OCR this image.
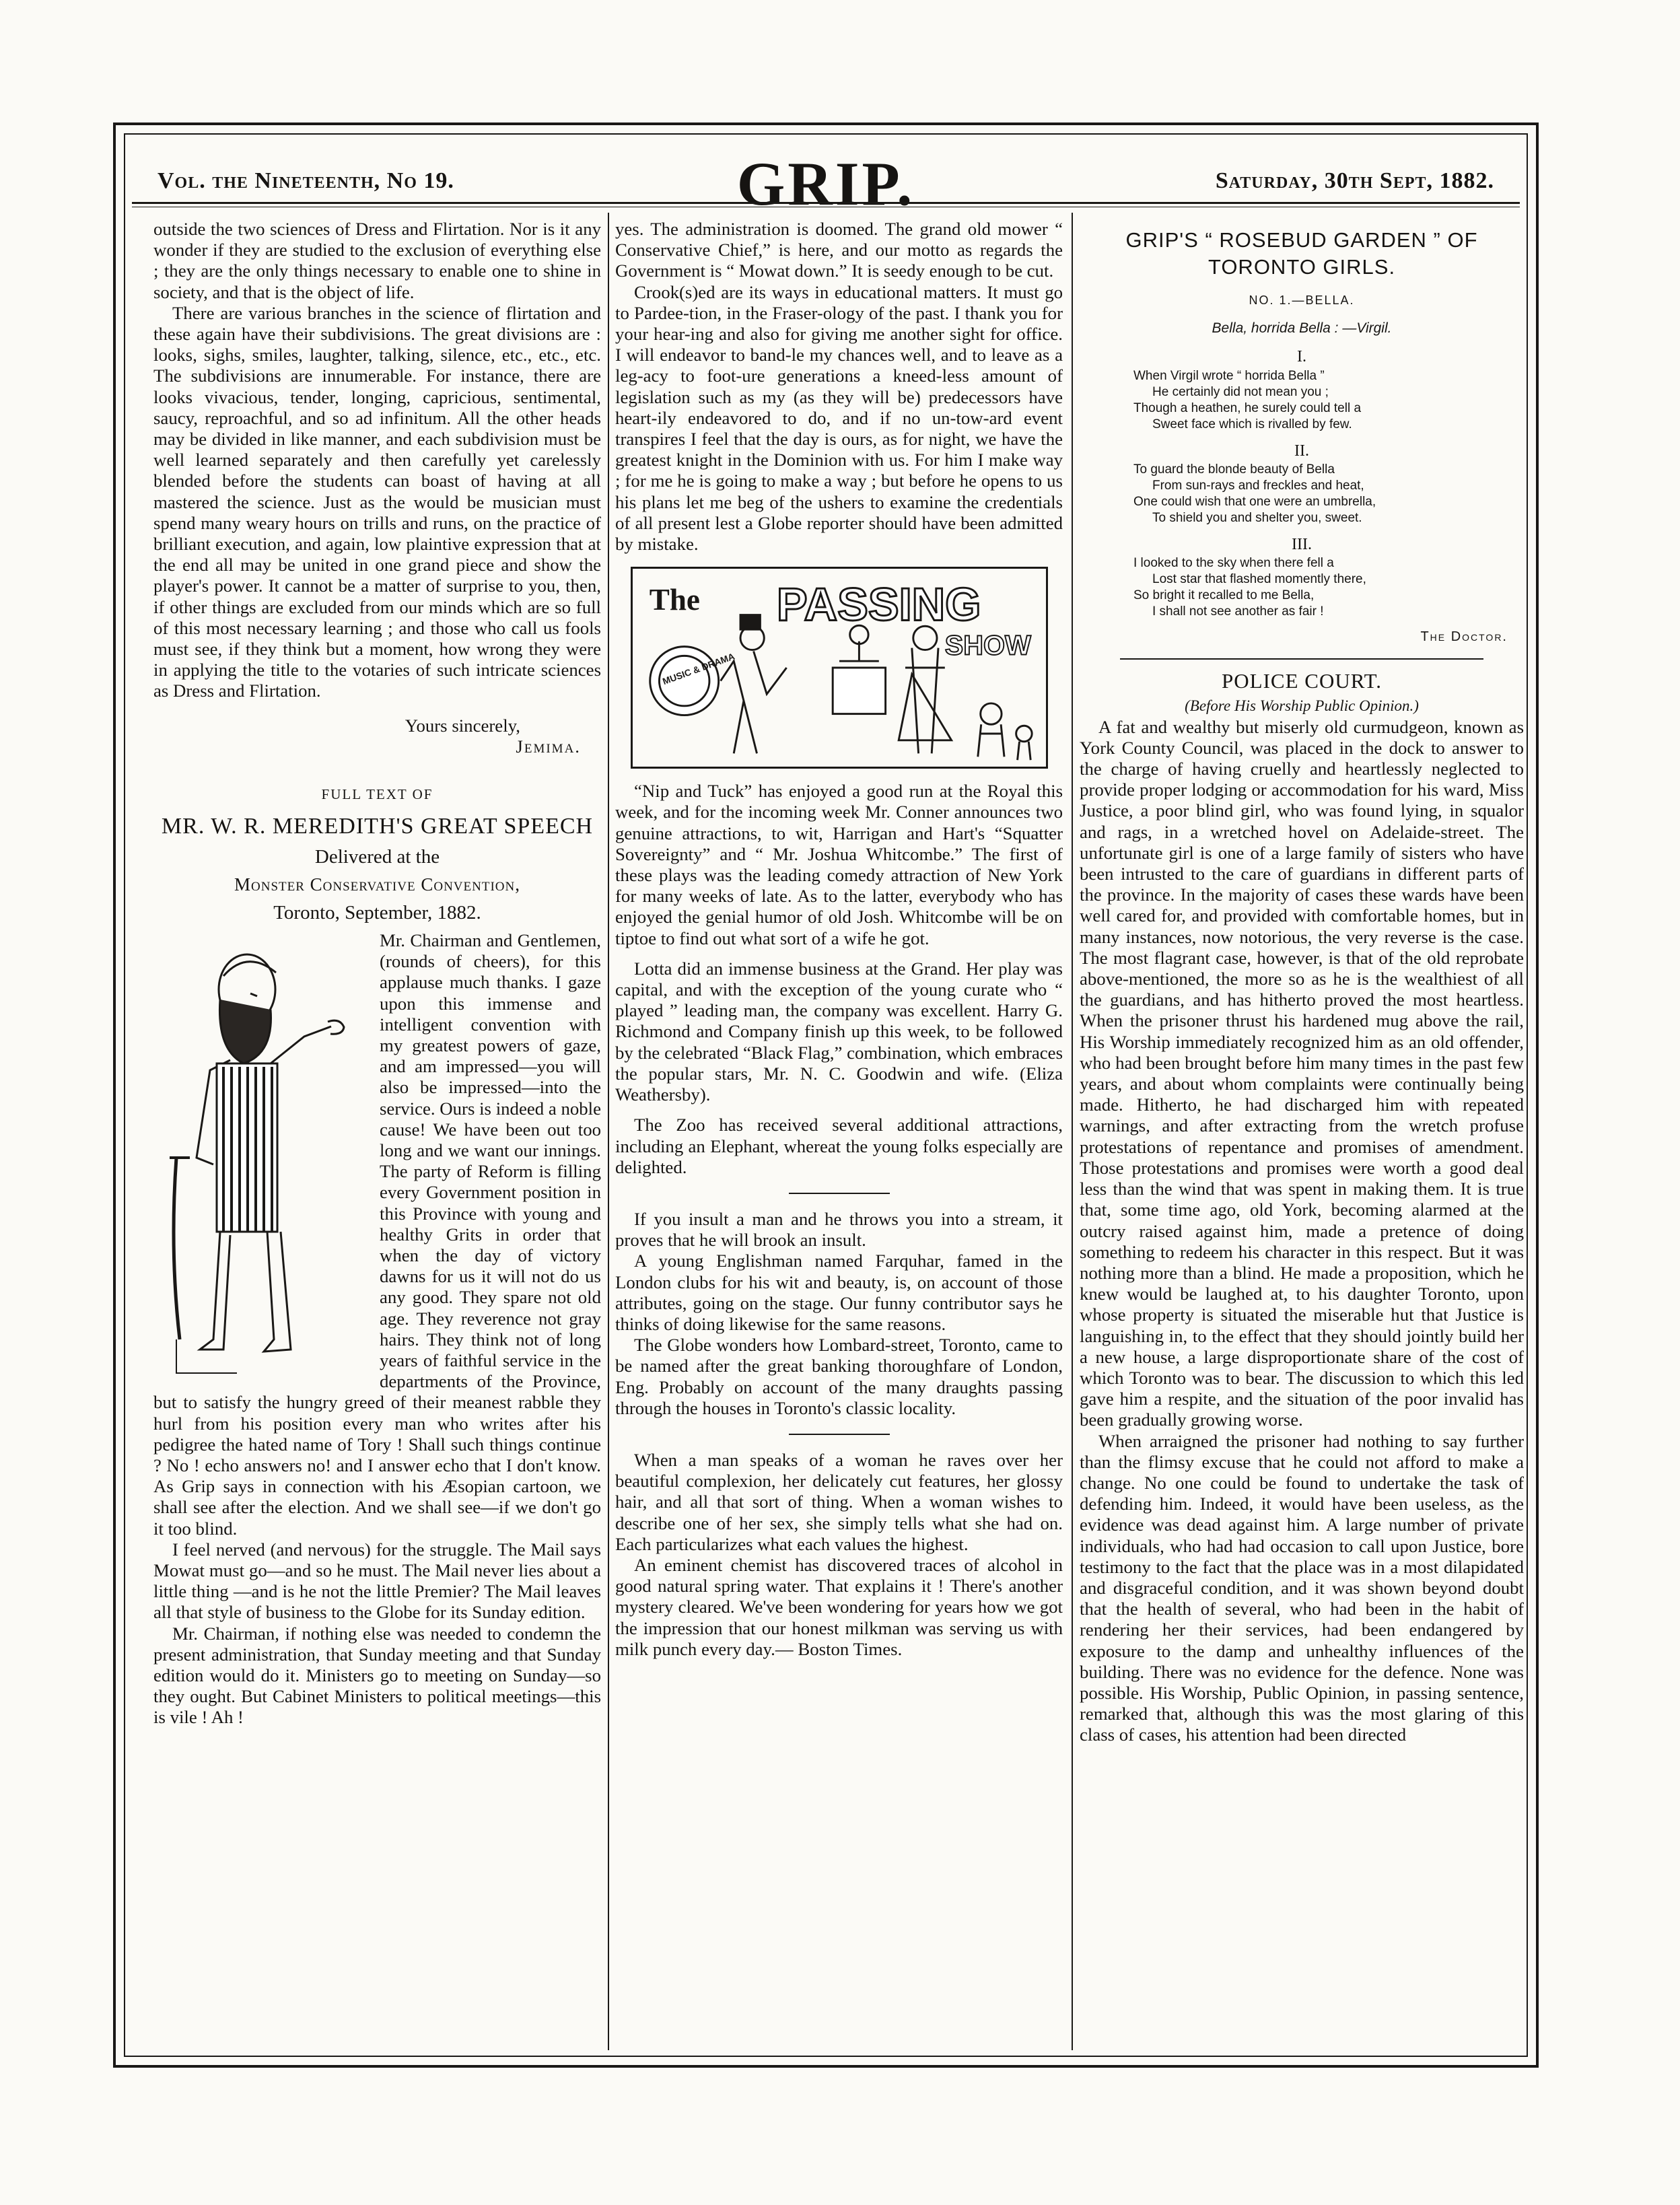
Vol. the Nineteenth, No 19.	GRIP.	Saturday, 30th Sept, 1882.

outside the two sciences of Dress and Flirtation. Nor is it any wonder if they are studied to the exclusion of everything else ; they are the only things necessary to enable one to shine in society, and that is the object of life.

There are various branches in the science of flirtation and these again have their subdivisions. The great divisions are : looks, sighs, smiles, laughter, talking, silence, etc., etc., etc. The subdivisions are innumerable. For instance, there are looks vivacious, tender, longing, capricious, sentimental, saucy, reproachful, and so ad infinitum. All the other heads may be divided in like manner, and each subdivision must be well learned separately and then carefully yet carelessly blended before the students can boast of having at all mastered the science. Just as the would be musician must spend many weary hours on trills and runs, on the practice of brilliant execution, and again, low plaintive expression that at the end all may be united in one grand piece and show the player's power. It cannot be a matter of surprise to you, then, if other things are excluded from our minds which are so full of this most necessary learning ; and those who call us fools must see, if they think but a moment, how wrong they were in applying the title to the votaries of such intricate sciences as Dress and Flirtation.

Yours sincerely,

Jemima.

FULL TEXT OF

MR. W. R. MEREDITH'S GREAT SPEECH

Delivered at the

Monster Conservative Convention,

Toronto, September, 1882.

Mr. Chairman and Gentlemen, (rounds of cheers), for this applause much thanks. I gaze upon this immense and intelligent convention with my greatest powers of gaze, and am impressed—you will also be impressed—into the service. Ours is indeed a noble cause! We have been out too long and we want our innings. The party of Reform is filling every Government position in this Province with young and healthy Grits in order that when the day of victory dawns for us it will not do us any good. They spare not old age. They reverence not gray hairs. They think not of long years of faithful service in the departments of the Province, but to satisfy the hungry greed of their meanest rabble they hurl from his position every man who writes after his pedigree the hated name of Tory ! Shall such things continue ? No ! echo answers no! and I answer echo that I don't know. As Grip says in connection with his Æsopian cartoon, we shall see after the election. And we shall see—if we don't go it too blind.

I feel nerved (and nervous) for the struggle. The Mail says Mowat must go—and so he must. The Mail never lies about a little thing —and is he not the little Premier? The Mail leaves all that style of business to the Globe for its Sunday edition.

Mr. Chairman, if nothing else was needed to condemn the present administration, that Sunday meeting and that Sunday edition would do it. Ministers go to meeting on Sunday—so they ought. But Cabinet Ministers to political meetings—this is vile ! Ah !

yes. The administration is doomed. The grand old mower “ Conservative Chief,” is here, and our motto as regards the Government is “ Mowat down.” It is seedy enough to be cut.

Crook(s)ed are its ways in educational matters. It must go to Pardee-tion, in the Fraser-ology of the past. I thank you for your hear-ing and also for giving me another sight for office. I will endeavor to band-le my chances well, and to leave as a leg-acy to foot-ure generations a kneed-less amount of legislation such as my (as they will be) predecessors have heart-ily endeavored to do, and if no un-tow-ard event transpires I feel that the day is ours, as for night, we have the greatest knight in the Dominion with us. For him I make way ; for me he is going to make a way ; but before he opens to us his plans let me beg of the ushers to examine the credentials of all present lest a Globe reporter should have been admitted by mistake.

The PASSING
SHOW
MUSIC & DRAMA

“Nip and Tuck” has enjoyed a good run at the Royal this week, and for the incoming week Mr. Conner announces two genuine attractions, to wit, Harrigan and Hart's “Squatter Sovereignty” and “ Mr. Joshua Whitcombe.” The first of these plays was the leading comedy attraction of New York for many weeks of late. As to the latter, everybody who has enjoyed the genial humor of old Josh. Whitcombe will be on tiptoe to find out what sort of a wife he got.

Lotta did an immense business at the Grand. Her play was capital, and with the exception of the young curate who “ played ” leading man, the company was excellent. Harry G. Richmond and Company finish up this week, to be followed by the celebrated “Black Flag,” combination, which embraces the popular stars, Mr. N. C. Goodwin and wife. (Eliza Weathersby).

The Zoo has received several additional attractions, including an Elephant, whereat the young folks especially are delighted.

If you insult a man and he throws you into a stream, it proves that he will brook an insult.

A young Englishman named Farquhar, famed in the London clubs for his wit and beauty, is, on account of those attributes, going on the stage. Our funny contributor says he thinks of doing likewise for the same reasons.

The Globe wonders how Lombard-street, Toronto, came to be named after the great banking thoroughfare of London, Eng. Probably on account of the many draughts passing through the houses in Toronto's classic locality.

When a man speaks of a woman he raves over her beautiful complexion, her delicately cut features, her glossy hair, and all that sort of thing. When a woman wishes to describe one of her sex, she simply tells what she had on. Each particularizes what each values the highest.

An eminent chemist has discovered traces of alcohol in good natural spring water. That explains it ! There's another mystery cleared. We've been wondering for years how we got the impression that our honest milkman was serving us with milk punch every day.— Boston Times.

GRIP'S “ ROSEBUD GARDEN ” OF TORONTO GIRLS.

NO. 1.—BELLA.

Bella, horrida Bella : —Virgil.

I.

When Virgil wrote “ horrida Bella ”
He certainly did not mean you ;
Though a heathen, he surely could tell a
Sweet face which is rivalled by few.

II.

To guard the blonde beauty of Bella
From sun-rays and freckles and heat,
One could wish that one were an umbrella,
To shield you and shelter you, sweet.

III.

I looked to the sky when there fell a
Lost star that flashed momently there,
So bright it recalled to me Bella,
I shall not see another as fair !

The Doctor.

POLICE COURT.

(Before His Worship Public Opinion.)

A fat and wealthy but miserly old curmudgeon, known as York County Council, was placed in the dock to answer to the charge of having cruelly and heartlessly neglected to provide proper lodging or accommodation for his ward, Miss Justice, a poor blind girl, who was found lying, in squalor and rags, in a wretched hovel on Adelaide-street. The unfortunate girl is one of a large family of sisters who have been intrusted to the care of guardians in different parts of the province. In the majority of cases these wards have been well cared for, and provided with comfortable homes, but in many instances, now notorious, the very reverse is the case. The most flagrant case, however, is that of the old reprobate above-mentioned, the more so as he is the wealthiest of all the guardians, and has hitherto proved the most heartless. When the prisoner thrust his hardened mug above the rail, His Worship immediately recognized him as an old offender, who had been brought before him many times in the past few years, and about whom complaints were continually being made. Hitherto, he had discharged him with repeated warnings, and after extracting from the wretch profuse protestations of repentance and promises of amendment. Those protestations and promises were worth a good deal less than the wind that was spent in making them. It is true that, some time ago, old York, becoming alarmed at the outcry raised against him, made a pretence of doing something to redeem his character in this respect. But it was nothing more than a blind. He made a proposition, which he knew would be laughed at, to his daughter Toronto, upon whose property is situated the miserable hut that Justice is languishing in, to the effect that they should jointly build her a new house, a large disproportionate share of the cost of which Toronto was to bear. The discussion to which this led gave him a respite, and the situation of the poor invalid has been gradually growing worse.

When arraigned the prisoner had nothing to say further than the flimsy excuse that he could not afford to make a change. No one could be found to undertake the task of defending him. Indeed, it would have been useless, as the evidence was dead against him. A large number of private individuals, who had had occasion to call upon Justice, bore testimony to the fact that the place was in a most dilapidated and disgraceful condition, and it was shown beyond doubt that the health of several, who had been in the habit of rendering her their services, had been endangered by exposure to the damp and unhealthy influences of the building. There was no evidence for the defence. None was possible. His Worship, Public Opinion, in passing sentence, remarked that, although this was the most glaring of this class of cases, his attention had been directed
